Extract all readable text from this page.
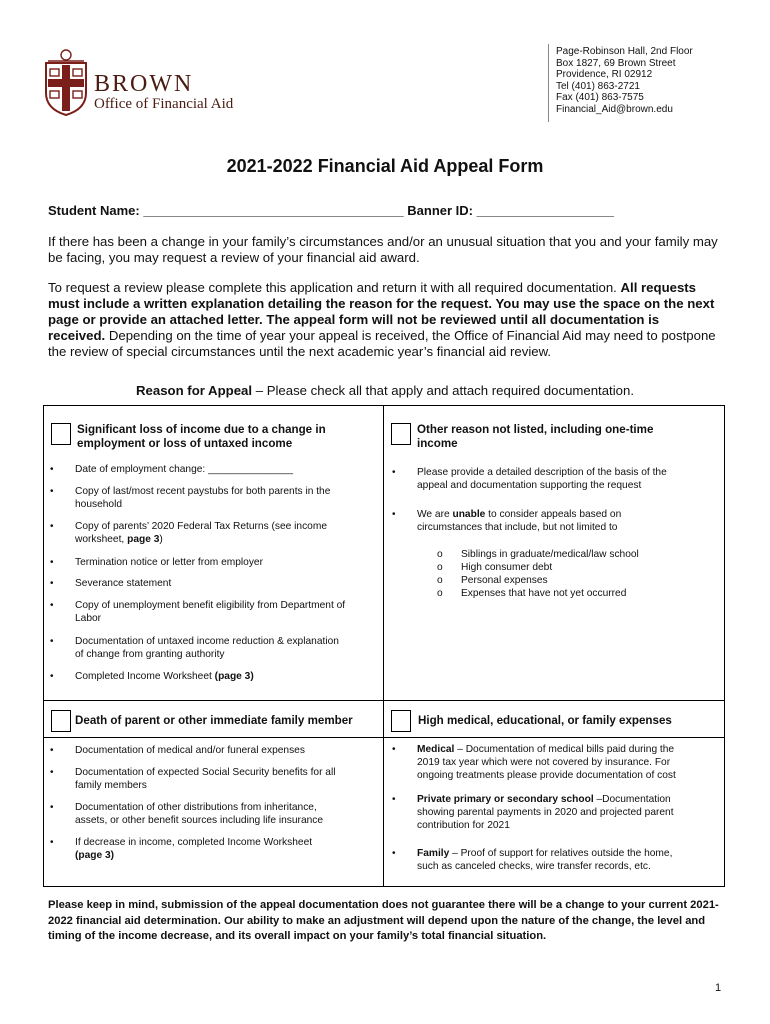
BROWN
Office of Financial Aid
Page-Robinson Hall, 2nd Floor
Box 1827, 69 Brown Street
Providence, RI 02912
Tel (401) 863-2721
Fax (401) 863-7575
Financial_Aid@brown.edu
2021-2022 Financial Aid Appeal Form
Student Name: ____________________________________ Banner ID: ___________________
If there has been a change in your family’s circumstances and/or an unusual situation that you and your family may be facing, you may request a review of your financial aid award.
To request a review please complete this application and return it with all required documentation. All requests must include a written explanation detailing the reason for the request. You may use the space on the next page or provide an attached letter. The appeal form will not be reviewed until all documentation is received. Depending on the time of year your appeal is received, the Office of Financial Aid may need to postpone the review of special circumstances until the next academic year’s financial aid review.
Reason for Appeal – Please check all that apply and attach required documentation.
Significant loss of income due to a change in
employment or loss of untaxed income
• Date of employment change: _______________
• Copy of last/most recent paystubs for both parents in the
household
• Copy of parents’ 2020 Federal Tax Returns (see income
worksheet, page 3)
• Termination notice or letter from employer
• Severance statement
• Copy of unemployment benefit eligibility from Department of
Labor
• Documentation of untaxed income reduction & explanation
of change from granting authority
• Completed Income Worksheet (page 3)
Other reason not listed, including one-time
income
• Please provide a detailed description of the basis of the
appeal and documentation supporting the request
• We are unable to consider appeals based on
circumstances that include, but not limited to
o Siblings in graduate/medical/law school
o High consumer debt
o Personal expenses
o Expenses that have not yet occurred
Death of parent or other immediate family member
• Documentation of medical and/or funeral expenses
• Documentation of expected Social Security benefits for all
family members
• Documentation of other distributions from inheritance,
assets, or other benefit sources including life insurance
• If decrease in income, completed Income Worksheet
(page 3)
High medical, educational, or family expenses
• Medical – Documentation of medical bills paid during the
2019 tax year which were not covered by insurance. For
ongoing treatments please provide documentation of cost
• Private primary or secondary school –Documentation
showing parental payments in 2020 and projected parent
contribution for 2021
• Family – Proof of support for relatives outside the home,
such as canceled checks, wire transfer records, etc.
Please keep in mind, submission of the appeal documentation does not guarantee there will be a change to your current 2021-2022 financial aid determination. Our ability to make an adjustment will depend upon the nature of the change, the level and timing of the income decrease, and its overall impact on your family’s total financial situation.
1
